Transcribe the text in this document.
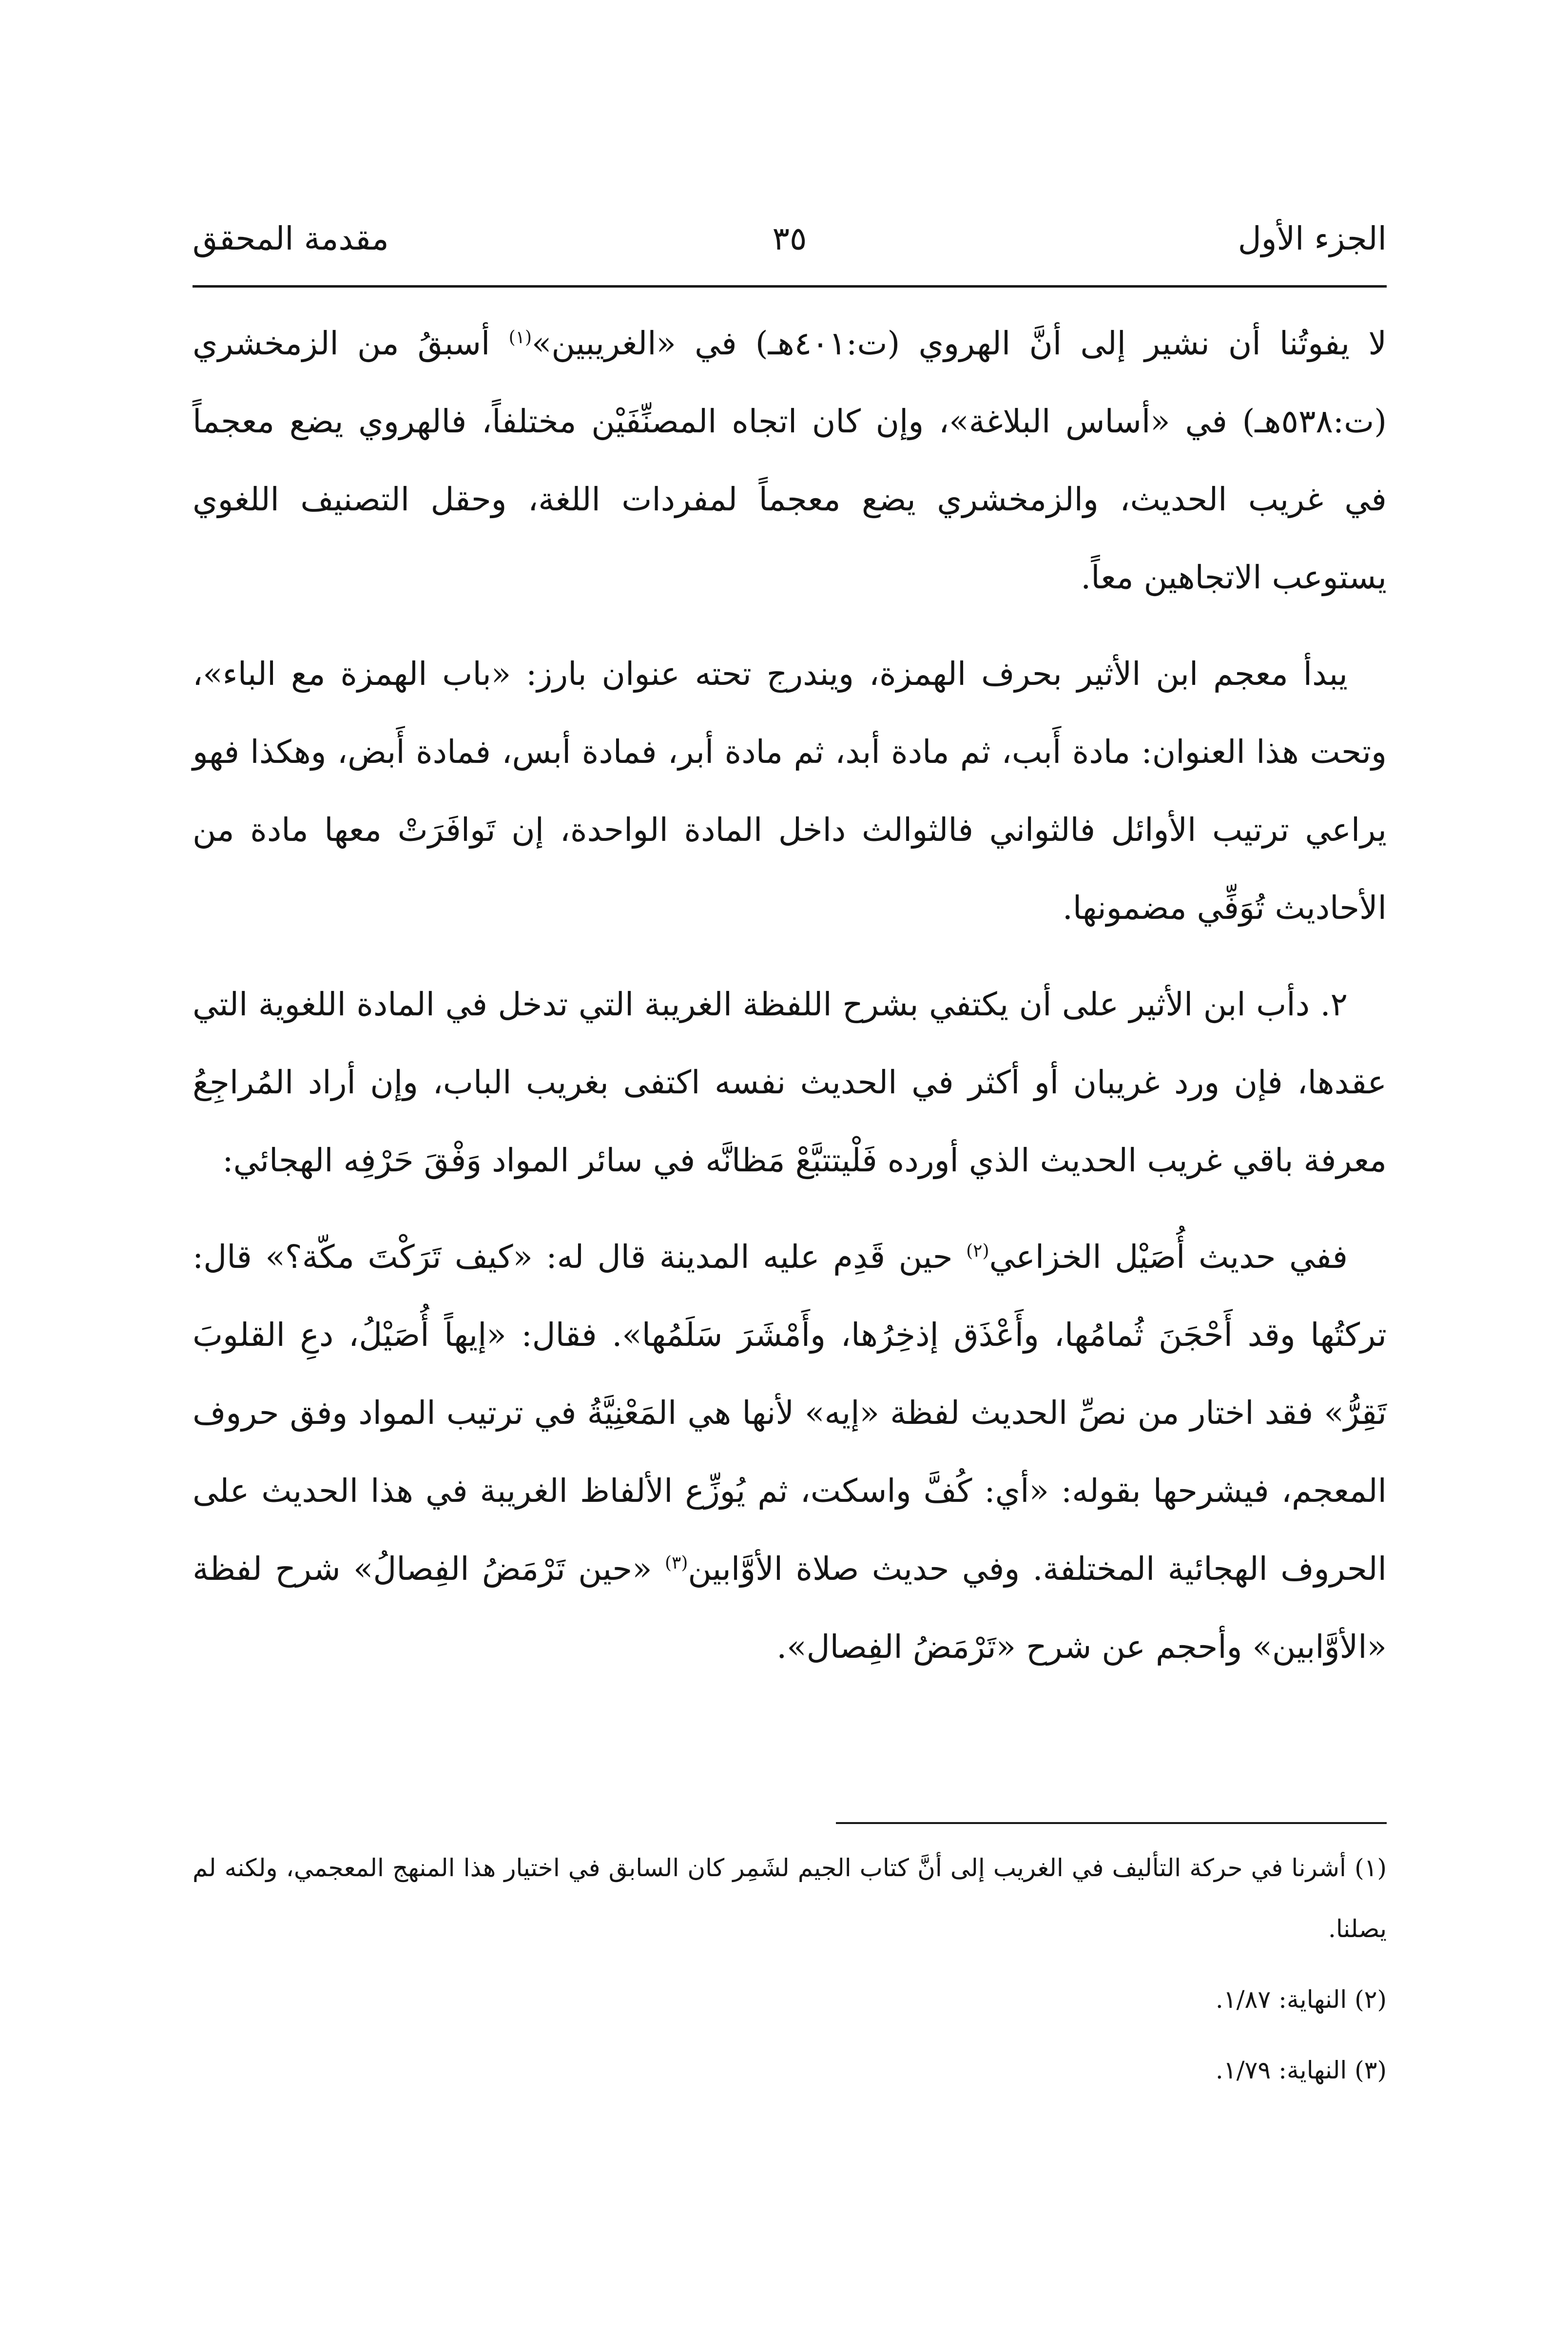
الجزء الأول
٣٥
مقدمة المحقق

لا يفوتُنا أن نشير إلى أنَّ الهروي (ت:٤٠١هـ) في «الغريبين»$^{(١)}$ أسبقُ من الزمخشري (ت:٥٣٨هـ) في «أساس البلاغة»، وإن كان اتجاه المصنِّفَيْن مختلفاً، فالهروي يضع معجماً في غريب الحديث، والزمخشري يضع معجماً لمفردات اللغة، وحقل التصنيف اللغوي يستوعب الاتجاهين معاً.

يبدأ معجم ابن الأثير بحرف الهمزة، ويندرج تحته عنوان بارز: «باب الهمزة مع الباء»، وتحت هذا العنوان: مادة أَبب، ثم مادة أبد، ثم مادة أبر، فمادة أبس، فمادة أَبض، وهكذا فهو يراعي ترتيب الأوائل فالثواني فالثوالث داخل المادة الواحدة، إن تَوافَرَتْ معها مادة من الأحاديث تُوَفِّي مضمونها.

٢. دأب ابن الأثير على أن يكتفي بشرح اللفظة الغريبة التي تدخل في المادة اللغوية التي عقدها، فإن ورد غريبان أو أكثر في الحديث نفسه اكتفى بغريب الباب، وإن أراد المُراجِعُ معرفة باقي غريب الحديث الذي أورده فَلْيتتبَّعْ مَظانَّه في سائر المواد وَفْقَ حَرْفِه الهجائي:

ففي حديث أُصَيْل الخزاعي$^{(٢)}$ حين قَدِم عليه المدينة قال له: «كيف تَرَكْتَ مكّة؟» قال: تركتُها وقد أَحْجَنَ ثُمامُها، وأَعْذَق إذخِرُها، وأَمْشَرَ سَلَمُها». فقال: «إيهاً أُصَيْلُ، دعِ القلوبَ تَقِرُّ» فقد اختار من نصِّ الحديث لفظة «إيه» لأنها هي المَعْنِيَّةُ في ترتيب المواد وفق حروف المعجم، فيشرحها بقوله: «أي: كُفَّ واسكت، ثم يُوزِّع الألفاظ الغريبة في هذا الحديث على الحروف الهجائية المختلفة. وفي حديث صلاة الأوَّابين$^{(٣)}$ «حين تَرْمَضُ الفِصالُ» شرح لفظة «الأوَّابين» وأحجم عن شرح «تَرْمَضُ الفِصال».

(١) أشرنا في حركة التأليف في الغريب إلى أنَّ كتاب الجيم لشَمِر كان السابق في اختيار هذا المنهج المعجمي، ولكنه لم يصلنا.

(٢) النهاية: ١/٨٧.

(٣) النهاية: ١/٧٩.
